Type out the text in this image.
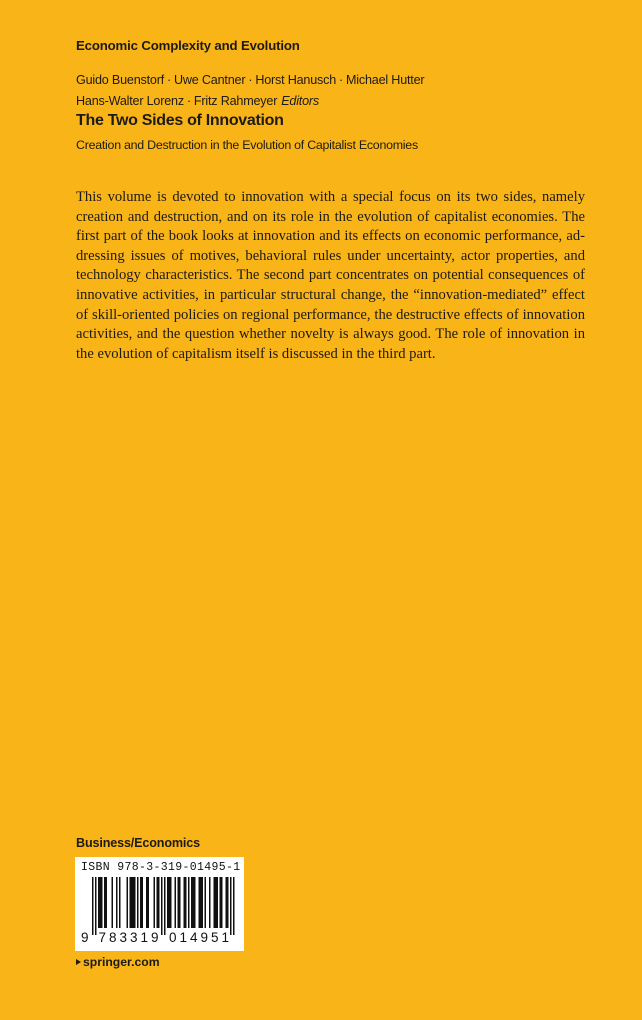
Economic Complexity and Evolution
Guido Buenstorf · Uwe Cantner · Horst Hanusch · Michael Hutter
Hans-Walter Lorenz · Fritz Rahmeyer Editors
The Two Sides of Innovation
Creation and Destruction in the Evolution of Capitalist Economies

This volume is devoted to innovation with a special focus on its two sides, namely creation and destruction, and on its role in the evolution of capitalist economies. The first part of the book looks at innovation and its effects on economic performance, addressing issues of motives, behavioral rules under uncertainty, actor properties, and technology characteristics. The second part concentrates on potential consequences of innovative activities, in particular structural change, the “innovation-mediated” effect of skill-oriented policies on regional performance, the destructive effects of innovation activities, and the question whether novelty is always good. The role of innovation in the evolution of capitalism itself is discussed in the third part.

Business/Economics
ISBN 978-3-319-01495-1
9 7 8 3 3 1 9 0 1 4 9 5 1
springer.com
